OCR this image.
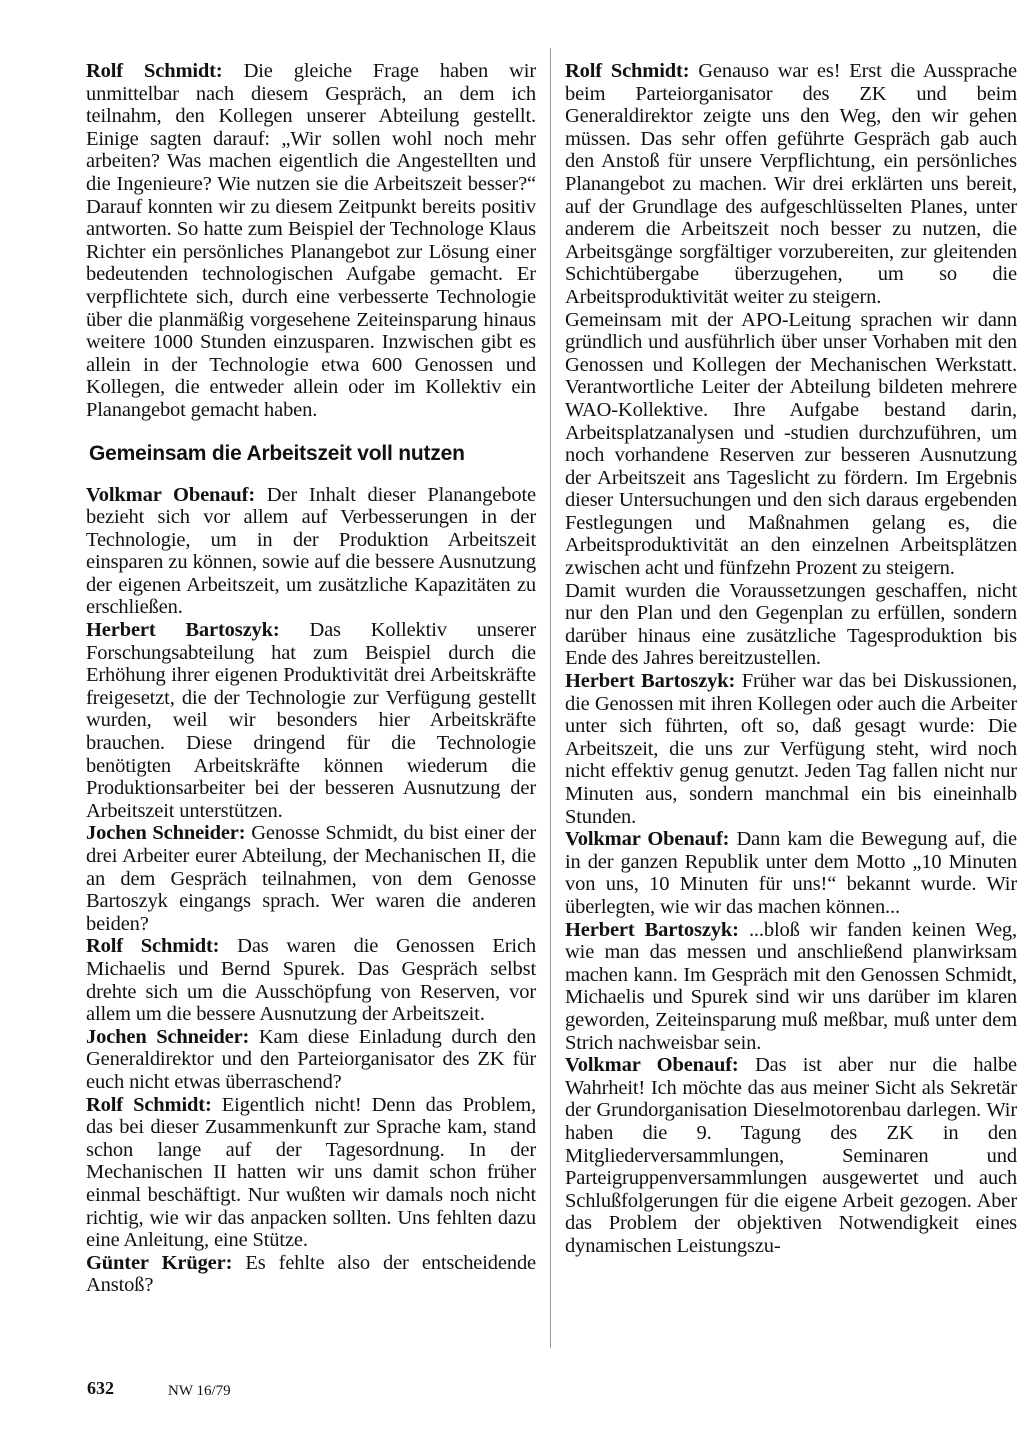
Rolf Schmidt: Die gleiche Frage haben wir unmittelbar nach diesem Gespräch, an dem ich teilnahm, den Kollegen unserer Abteilung gestellt. Einige sagten darauf: „Wir sollen wohl noch mehr arbeiten? Was machen eigentlich die Angestellten und die Ingenieure? Wie nutzen sie die Arbeitszeit besser?“ Darauf konnten wir zu diesem Zeitpunkt bereits positiv antworten. So hatte zum Beispiel der Technologe Klaus Richter ein persönliches Planangebot zur Lösung einer bedeutenden technologischen Aufgabe gemacht. Er verpflichtete sich, durch eine verbesserte Technologie über die planmäßig vorgesehene Zeiteinsparung hinaus weitere 1000 Stunden einzusparen. Inzwischen gibt es allein in der Technologie etwa 600 Genossen und Kollegen, die entweder allein oder im Kollektiv ein Planangebot gemacht haben.

Gemeinsam die Arbeitszeit voll nutzen

Volkmar Obenauf: Der Inhalt dieser Planangebote bezieht sich vor allem auf Verbesserungen in der Technologie, um in der Produktion Arbeitszeit einsparen zu können, sowie auf die bessere Ausnutzung der eigenen Arbeitszeit, um zusätzliche Kapazitäten zu erschließen.

Herbert Bartoszyk: Das Kollektiv unserer Forschungsabteilung hat zum Beispiel durch die Erhöhung ihrer eigenen Produktivität drei Arbeitskräfte freigesetzt, die der Technologie zur Verfügung gestellt wurden, weil wir besonders hier Arbeitskräfte brauchen. Diese dringend für die Technologie benötigten Arbeitskräfte können wiederum die Produktionsarbeiter bei der besseren Ausnutzung der Arbeitszeit unterstützen.

Jochen Schneider: Genosse Schmidt, du bist einer der drei Arbeiter eurer Abteilung, der Mechanischen II, die an dem Gespräch teilnahmen, von dem Genosse Bartoszyk eingangs sprach. Wer waren die anderen beiden?

Rolf Schmidt: Das waren die Genossen Erich Michaelis und Bernd Spurek. Das Gespräch selbst drehte sich um die Ausschöpfung von Reserven, vor allem um die bessere Ausnutzung der Arbeitszeit.

Jochen Schneider: Kam diese Einladung durch den Generaldirektor und den Parteiorganisator des ZK für euch nicht etwas überraschend?

Rolf Schmidt: Eigentlich nicht! Denn das Problem, das bei dieser Zusammenkunft zur Sprache kam, stand schon lange auf der Tagesordnung. In der Mechanischen II hatten wir uns damit schon früher einmal beschäftigt. Nur wußten wir damals noch nicht richtig, wie wir das anpacken sollten. Uns fehlten dazu eine Anleitung, eine Stütze.

Günter Krüger: Es fehlte also der entscheidende Anstoß?

Rolf Schmidt: Genauso war es! Erst die Aussprache beim Parteiorganisator des ZK und beim Generaldirektor zeigte uns den Weg, den wir gehen müssen. Das sehr offen geführte Gespräch gab auch den Anstoß für unsere Verpflichtung, ein persönliches Planangebot zu machen. Wir drei erklärten uns bereit, auf der Grundlage des aufgeschlüsselten Planes, unter anderem die Arbeitszeit noch besser zu nutzen, die Arbeitsgänge sorgfältiger vorzubereiten, zur gleitenden Schichtübergabe überzugehen, um so die Arbeitsproduktivität weiter zu steigern.

Gemeinsam mit der APO-Leitung sprachen wir dann gründlich und ausführlich über unser Vorhaben mit den Genossen und Kollegen der Mechanischen Werkstatt. Verantwortliche Leiter der Abteilung bildeten mehrere WAO-Kollektive. Ihre Aufgabe bestand darin, Arbeitsplatzanalysen und -studien durchzuführen, um noch vorhandene Reserven zur besseren Ausnutzung der Arbeitszeit ans Tageslicht zu fördern. Im Ergebnis dieser Untersuchungen und den sich daraus ergebenden Festlegungen und Maßnahmen gelang es, die Arbeitsproduktivität an den einzelnen Arbeitsplätzen zwischen acht und fünfzehn Prozent zu steigern.

Damit wurden die Voraussetzungen geschaffen, nicht nur den Plan und den Gegenplan zu erfüllen, sondern darüber hinaus eine zusätzliche Tagesproduktion bis Ende des Jahres bereitzustellen.

Herbert Bartoszyk: Früher war das bei Diskussionen, die Genossen mit ihren Kollegen oder auch die Arbeiter unter sich führten, oft so, daß gesagt wurde: Die Arbeitszeit, die uns zur Verfügung steht, wird noch nicht effektiv genug genutzt. Jeden Tag fallen nicht nur Minuten aus, sondern manchmal ein bis eineinhalb Stunden.

Volkmar Obenauf: Dann kam die Bewegung auf, die in der ganzen Republik unter dem Motto „10 Minuten von uns, 10 Minuten für uns!“ bekannt wurde. Wir überlegten, wie wir das machen können...

Herbert Bartoszyk: ...bloß wir fanden keinen Weg, wie man das messen und anschließend planwirksam machen kann. Im Gespräch mit den Genossen Schmidt, Michaelis und Spurek sind wir uns darüber im klaren geworden, Zeiteinsparung muß meßbar, muß unter dem Strich nachweisbar sein.

Volkmar Obenauf: Das ist aber nur die halbe Wahrheit! Ich möchte das aus meiner Sicht als Sekretär der Grundorganisation Dieselmotorenbau darlegen. Wir haben die 9. Tagung des ZK in den Mitgliederversammlungen, Seminaren und Parteigruppenversammlungen ausgewertet und auch Schlußfolgerungen für die eigene Arbeit gezogen. Aber das Problem der objektiven Notwendigkeit eines dynamischen Leistungszu-

632	NW 16/79
